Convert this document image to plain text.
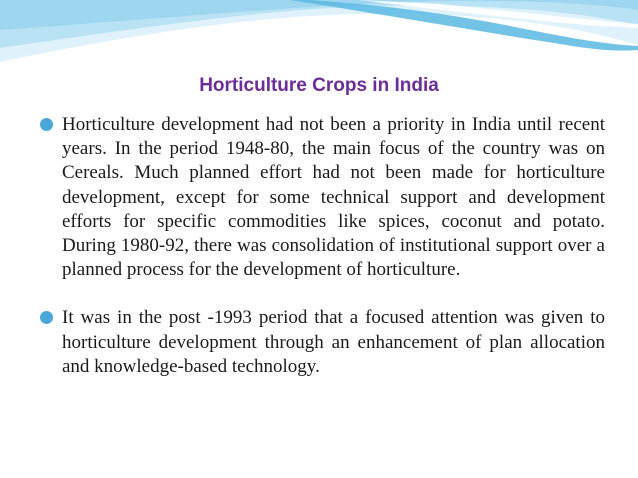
Horticulture Crops in India
Horticulture development had not been a priority in India until recent years. In the period 1948-80, the main focus of the country was on Cereals. Much planned effort had not been made for horticulture development, except for some technical support and development efforts for specific commodities like spices, coconut and potato. During 1980-92, there was consolidation of institutional support over a planned process for the development of horticulture.
It was in the post -1993 period that a focused attention was given to horticulture development through an enhancement of plan allocation and knowledge-based technology.
